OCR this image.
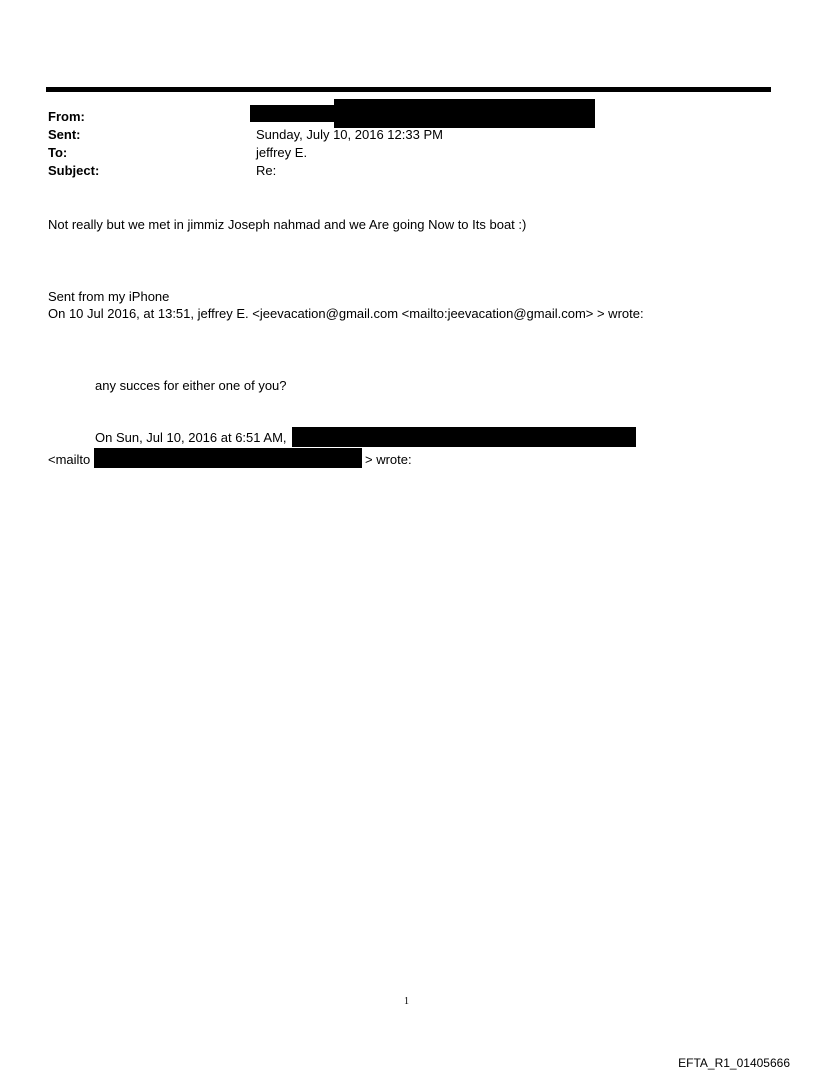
From:
Sent:	Sunday, July 10, 2016 12:33 PM
To:	jeffrey E.
Subject:	Re:
Not really but we met in jimmiz Joseph nahmad and we Are going Now to Its boat :)
Sent from my iPhone
On 10 Jul 2016, at 13:51, jeffrey E. <jeevacation@gmail.com <mailto:jeevacation@gmail.com> > wrote:
any succes for either one of you?
On Sun, Jul 10, 2016 at 6:51 AM,
<mailto	> wrote:
1
EFTA_R1_01405666
